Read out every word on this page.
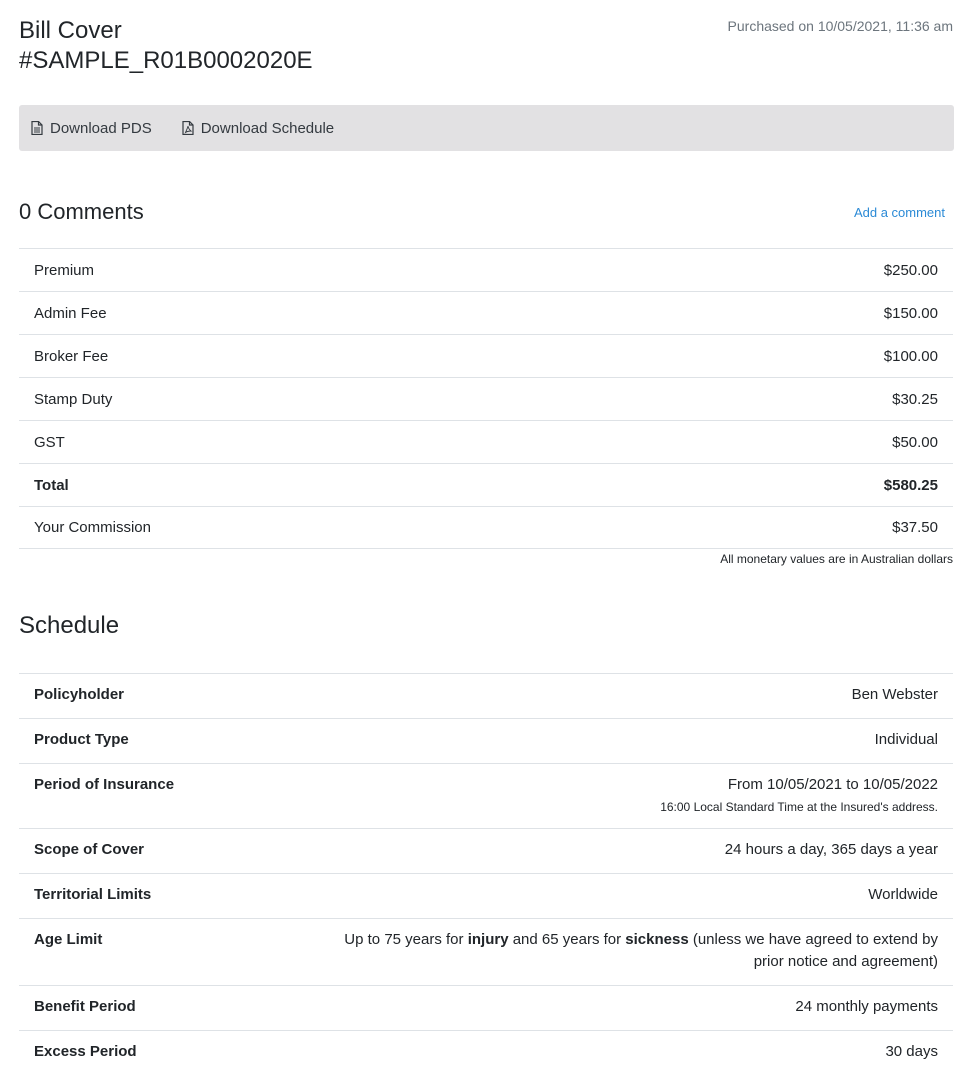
Bill Cover
#SAMPLE_R01B0002020E
Purchased on 10/05/2021, 11:36 am
Download PDS	Download Schedule
0 Comments	Add a comment
Premium	$250.00
Admin Fee	$150.00
Broker Fee	$100.00
Stamp Duty	$30.25
GST	$50.00
Total	$580.25
Your Commission	$37.50
All monetary values are in Australian dollars
Schedule
Policyholder	Ben Webster
Product Type	Individual
Period of Insurance	From 10/05/2021 to 10/05/2022
16:00 Local Standard Time at the Insured's address.
Scope of Cover	24 hours a day, 365 days a year
Territorial Limits	Worldwide
Age Limit	Up to 75 years for injury and 65 years for sickness (unless we have agreed to extend by prior notice and agreement)
Benefit Period	24 monthly payments
Excess Period	30 days
